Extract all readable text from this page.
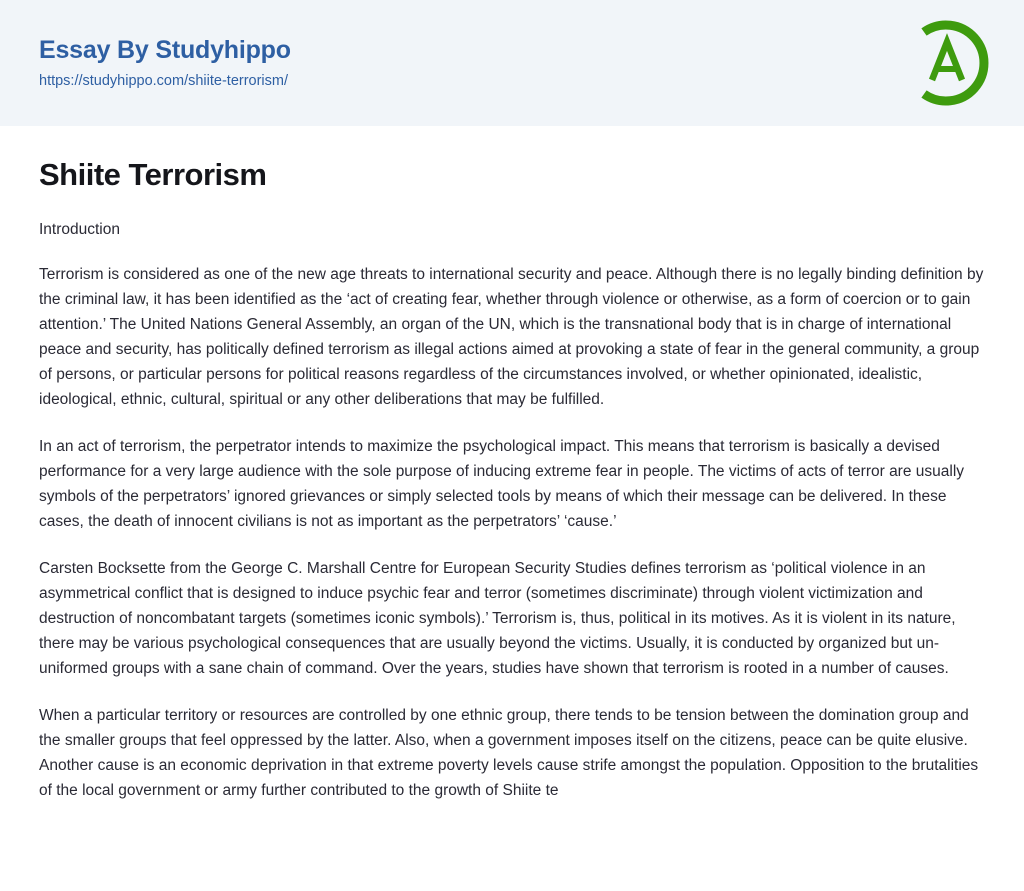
Essay By Studyhippo
https://studyhippo.com/shiite-terrorism/
Shiite Terrorism
Introduction

Terrorism is considered as one of the new age threats to international security and peace. Although there is no legally binding definition by the criminal law, it has been identified as the ‘act of creating fear, whether through violence or otherwise, as a form of coercion or to gain attention.’ The United Nations General Assembly, an organ of the UN, which is the transnational body that is in charge of international peace and security, has politically defined terrorism as illegal actions aimed at provoking a state of fear in the general community, a group of persons, or particular persons for political reasons regardless of the circumstances involved, or whether opinionated, idealistic, ideological, ethnic, cultural, spiritual or any other deliberations that may be fulfilled.

In an act of terrorism, the perpetrator intends to maximize the psychological impact. This means that terrorism is basically a devised performance for a very large audience with the sole purpose of inducing extreme fear in people. The victims of acts of terror are usually symbols of the perpetrators’ ignored grievances or simply selected tools by means of which their message can be delivered. In these cases, the death of innocent civilians is not as important as the perpetrators’ ‘cause.’

Carsten Bocksette from the George C. Marshall Centre for European Security Studies defines terrorism as ‘political violence in an asymmetrical conflict that is designed to induce psychic fear and terror (sometimes discriminate) through violent victimization and destruction of noncombatant targets (sometimes iconic symbols).’ Terrorism is, thus, political in its motives. As it is violent in its nature, there may be various psychological consequences that are usually beyond the victims. Usually, it is conducted by organized but un-uniformed groups with a sane chain of command. Over the years, studies have shown that terrorism is rooted in a number of causes.

When a particular territory or resources are controlled by one ethnic group, there tends to be tension between the domination group and the smaller groups that feel oppressed by the latter. Also, when a government imposes itself on the citizens, peace can be quite elusive. Another cause is an economic deprivation in that extreme poverty levels cause strife amongst the population. Opposition to the brutalities of the local government or army further contributed to the growth of Shiite te
